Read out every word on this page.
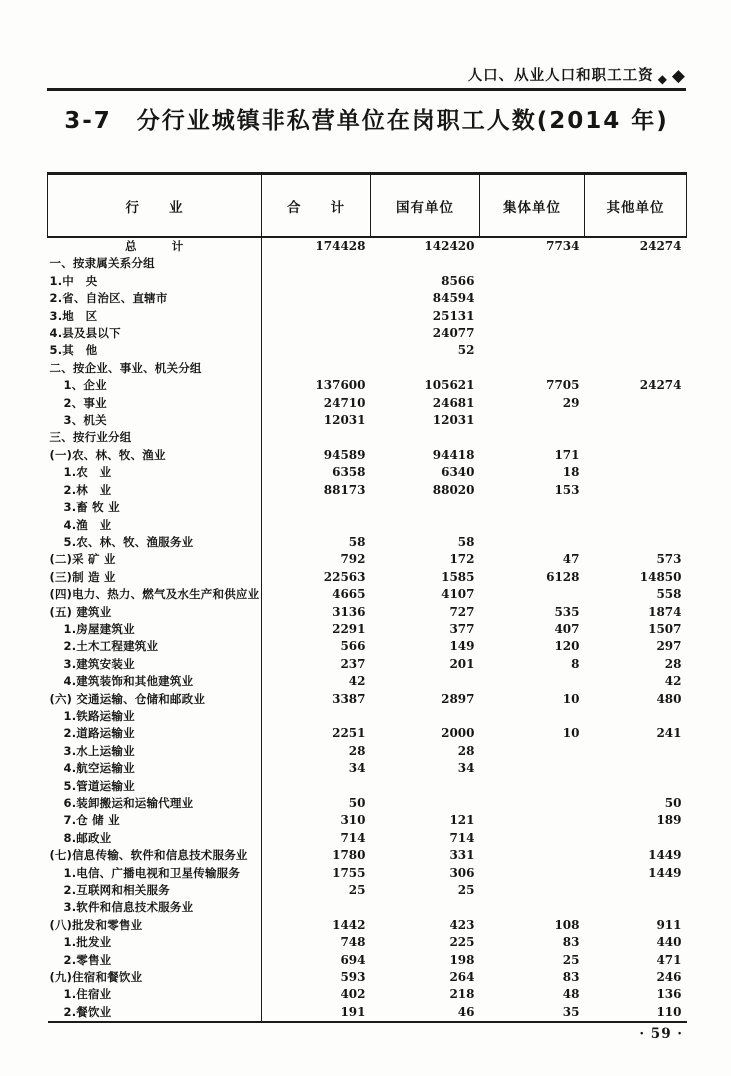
人口、从业人口和职工工资 ◆ ◆
3-7　分行业城镇非私营单位在岗职工人数(2014 年)
行　　业	合　　计	国有单位	集体单位	其他单位
总　　　计	174428	142420	7734	24274
一、按隶属关系分组				
1.中　央		8566		
2.省、自治区、直辖市		84594		
3.地　区		25131		
4.县及县以下		24077		
5.其　他		52		
二、按企业、事业、机关分组				
1、企业	137600	105621	7705	24274
2、事业	24710	24681	29	
3、机关	12031	12031		
三、按行业分组				
(一)农、林、牧、渔业	94589	94418	171	
1.农　业	6358	6340	18	
2.林　业	88173	88020	153	
3.畜 牧 业				
4.渔　业				
5.农、林、牧、渔服务业	58	58		
(二)采 矿 业	792	172	47	573
(三)制 造 业	22563	1585	6128	14850
(四)电力、热力、燃气及水生产和供应业	4665	4107		558
(五) 建筑业	3136	727	535	1874
1.房屋建筑业	2291	377	407	1507
2.土木工程建筑业	566	149	120	297
3.建筑安装业	237	201	8	28
4.建筑装饰和其他建筑业	42			42
(六) 交通运输、仓储和邮政业	3387	2897	10	480
1.铁路运输业				
2.道路运输业	2251	2000	10	241
3.水上运输业	28	28		
4.航空运输业	34	34		
5.管道运输业				
6.装卸搬运和运输代理业	50			50
7.仓 储 业	310	121		189
8.邮政业	714	714		
(七)信息传输、软件和信息技术服务业	1780	331		1449
1.电信、广播电视和卫星传输服务	1755	306		1449
2.互联网和相关服务	25	25		
3.软件和信息技术服务业				
(八)批发和零售业	1442	423	108	911
1.批发业	748	225	83	440
2.零售业	694	198	25	471
(九)住宿和餐饮业	593	264	83	246
1.住宿业	402	218	48	136
2.餐饮业	191	46	35	110
· 59 ·
